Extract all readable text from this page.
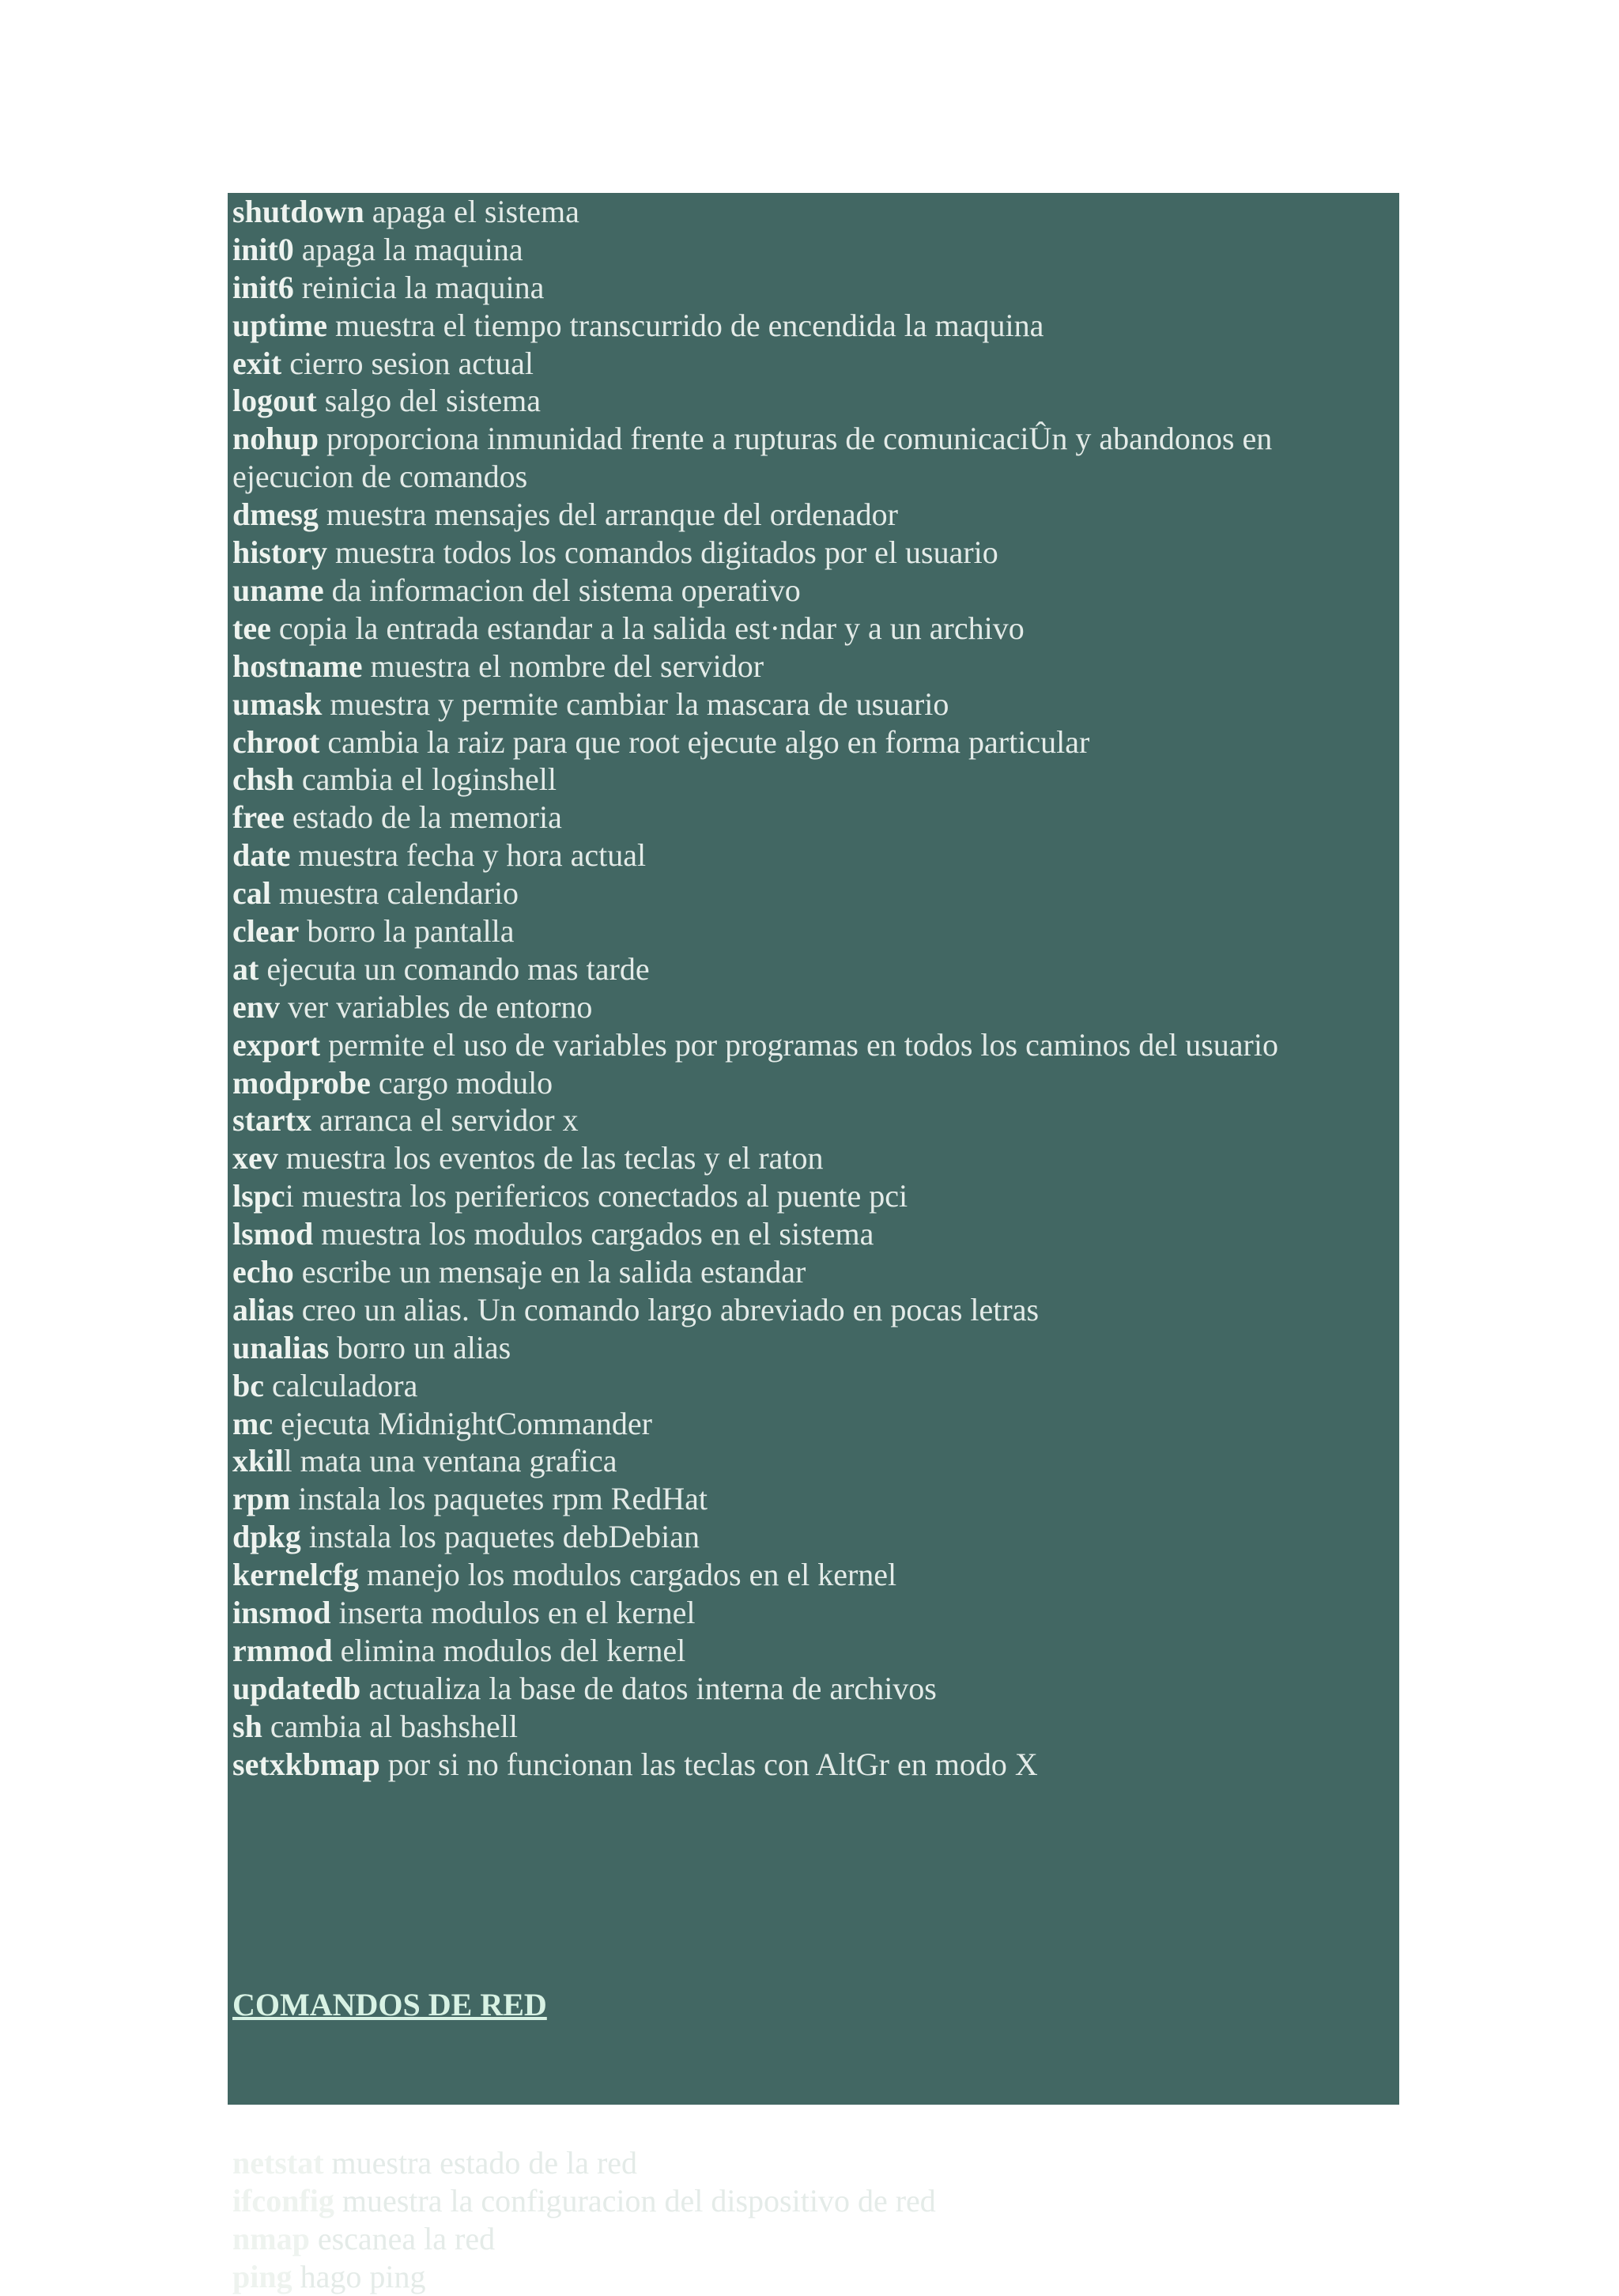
shutdown apaga el sistema
init0 apaga la maquina
init6 reinicia la maquina
uptime muestra el tiempo transcurrido de encendida la maquina
exit cierro sesion actual
logout salgo del sistema
nohup proporciona inmunidad frente a rupturas de comunicaciÛn y abandonos en ejecucion de comandos
dmesg muestra mensajes del arranque del ordenador
history muestra todos los comandos digitados por el usuario
uname da informacion del sistema operativo
tee copia la entrada estandar a la salida est·ndar y a un archivo
hostname muestra el nombre del servidor
umask muestra y permite cambiar la mascara de usuario
chroot cambia la raiz para que root ejecute algo en forma particular
chsh cambia el loginshell
free estado de la memoria
date muestra fecha y hora actual
cal muestra calendario
clear borro la pantalla
at ejecuta un comando mas tarde
env ver variables de entorno
export permite el uso de variables por programas en todos los caminos del usuario
modprobe cargo modulo
startx arranca el servidor x
xev muestra los eventos de las teclas y el raton
lspci muestra los perifericos conectados al puente pci
lsmod muestra los modulos cargados en el sistema
echo escribe un mensaje en la salida estandar
alias creo un alias. Un comando largo abreviado en pocas letras
unalias borro un alias
bc calculadora
mc ejecuta MidnightCommander
xkill mata una ventana grafica
rpm instala los paquetes rpm RedHat
dpkg instala los paquetes debDebian
kernelcfg manejo los modulos cargados en el kernel
insmod inserta modulos en el kernel
rmmod elimina modulos del kernel
updatedb actualiza la base de datos interna de archivos
sh cambia al bashshell
setxkbmap por si no funcionan las teclas con AltGr en modo X
COMANDOS DE RED
netstat muestra estado de la red
ifconfig muestra la configuracion del dispositivo de red
nmap escanea la red
ping hago ping
